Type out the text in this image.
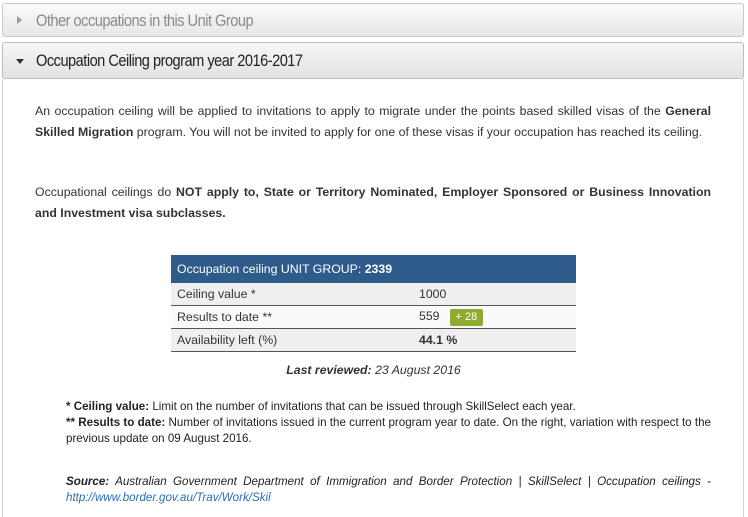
Other occupations in this Unit Group
Occupation Ceiling program year 2016-2017

An occupation ceiling will be applied to invitations to apply to migrate under the points based skilled visas of the General Skilled Migration program. You will not be invited to apply for one of these visas if your occupation has reached its ceiling.

Occupational ceilings do NOT apply to, State or Territory Nominated, Employer Sponsored or Business Innovation and Investment visa subclasses.

Occupation ceiling UNIT GROUP: 2339	
Ceiling value *	1000
Results to date **	559 + 28
Availability left (%)	44.1 %
Last reviewed: 23 August 2016
* Ceiling value: Limit on the number of invitations that can be issued through SkillSelect each year.
** Results to date: Number of invitations issued in the current program year to date. On the right, variation with respect to the previous update on 09 August 2016.
Source: Australian Government Department of Immigration and Border Protection | SkillSelect | Occupation ceilings - http://www.border.gov.au/Trav/Work/Skil
